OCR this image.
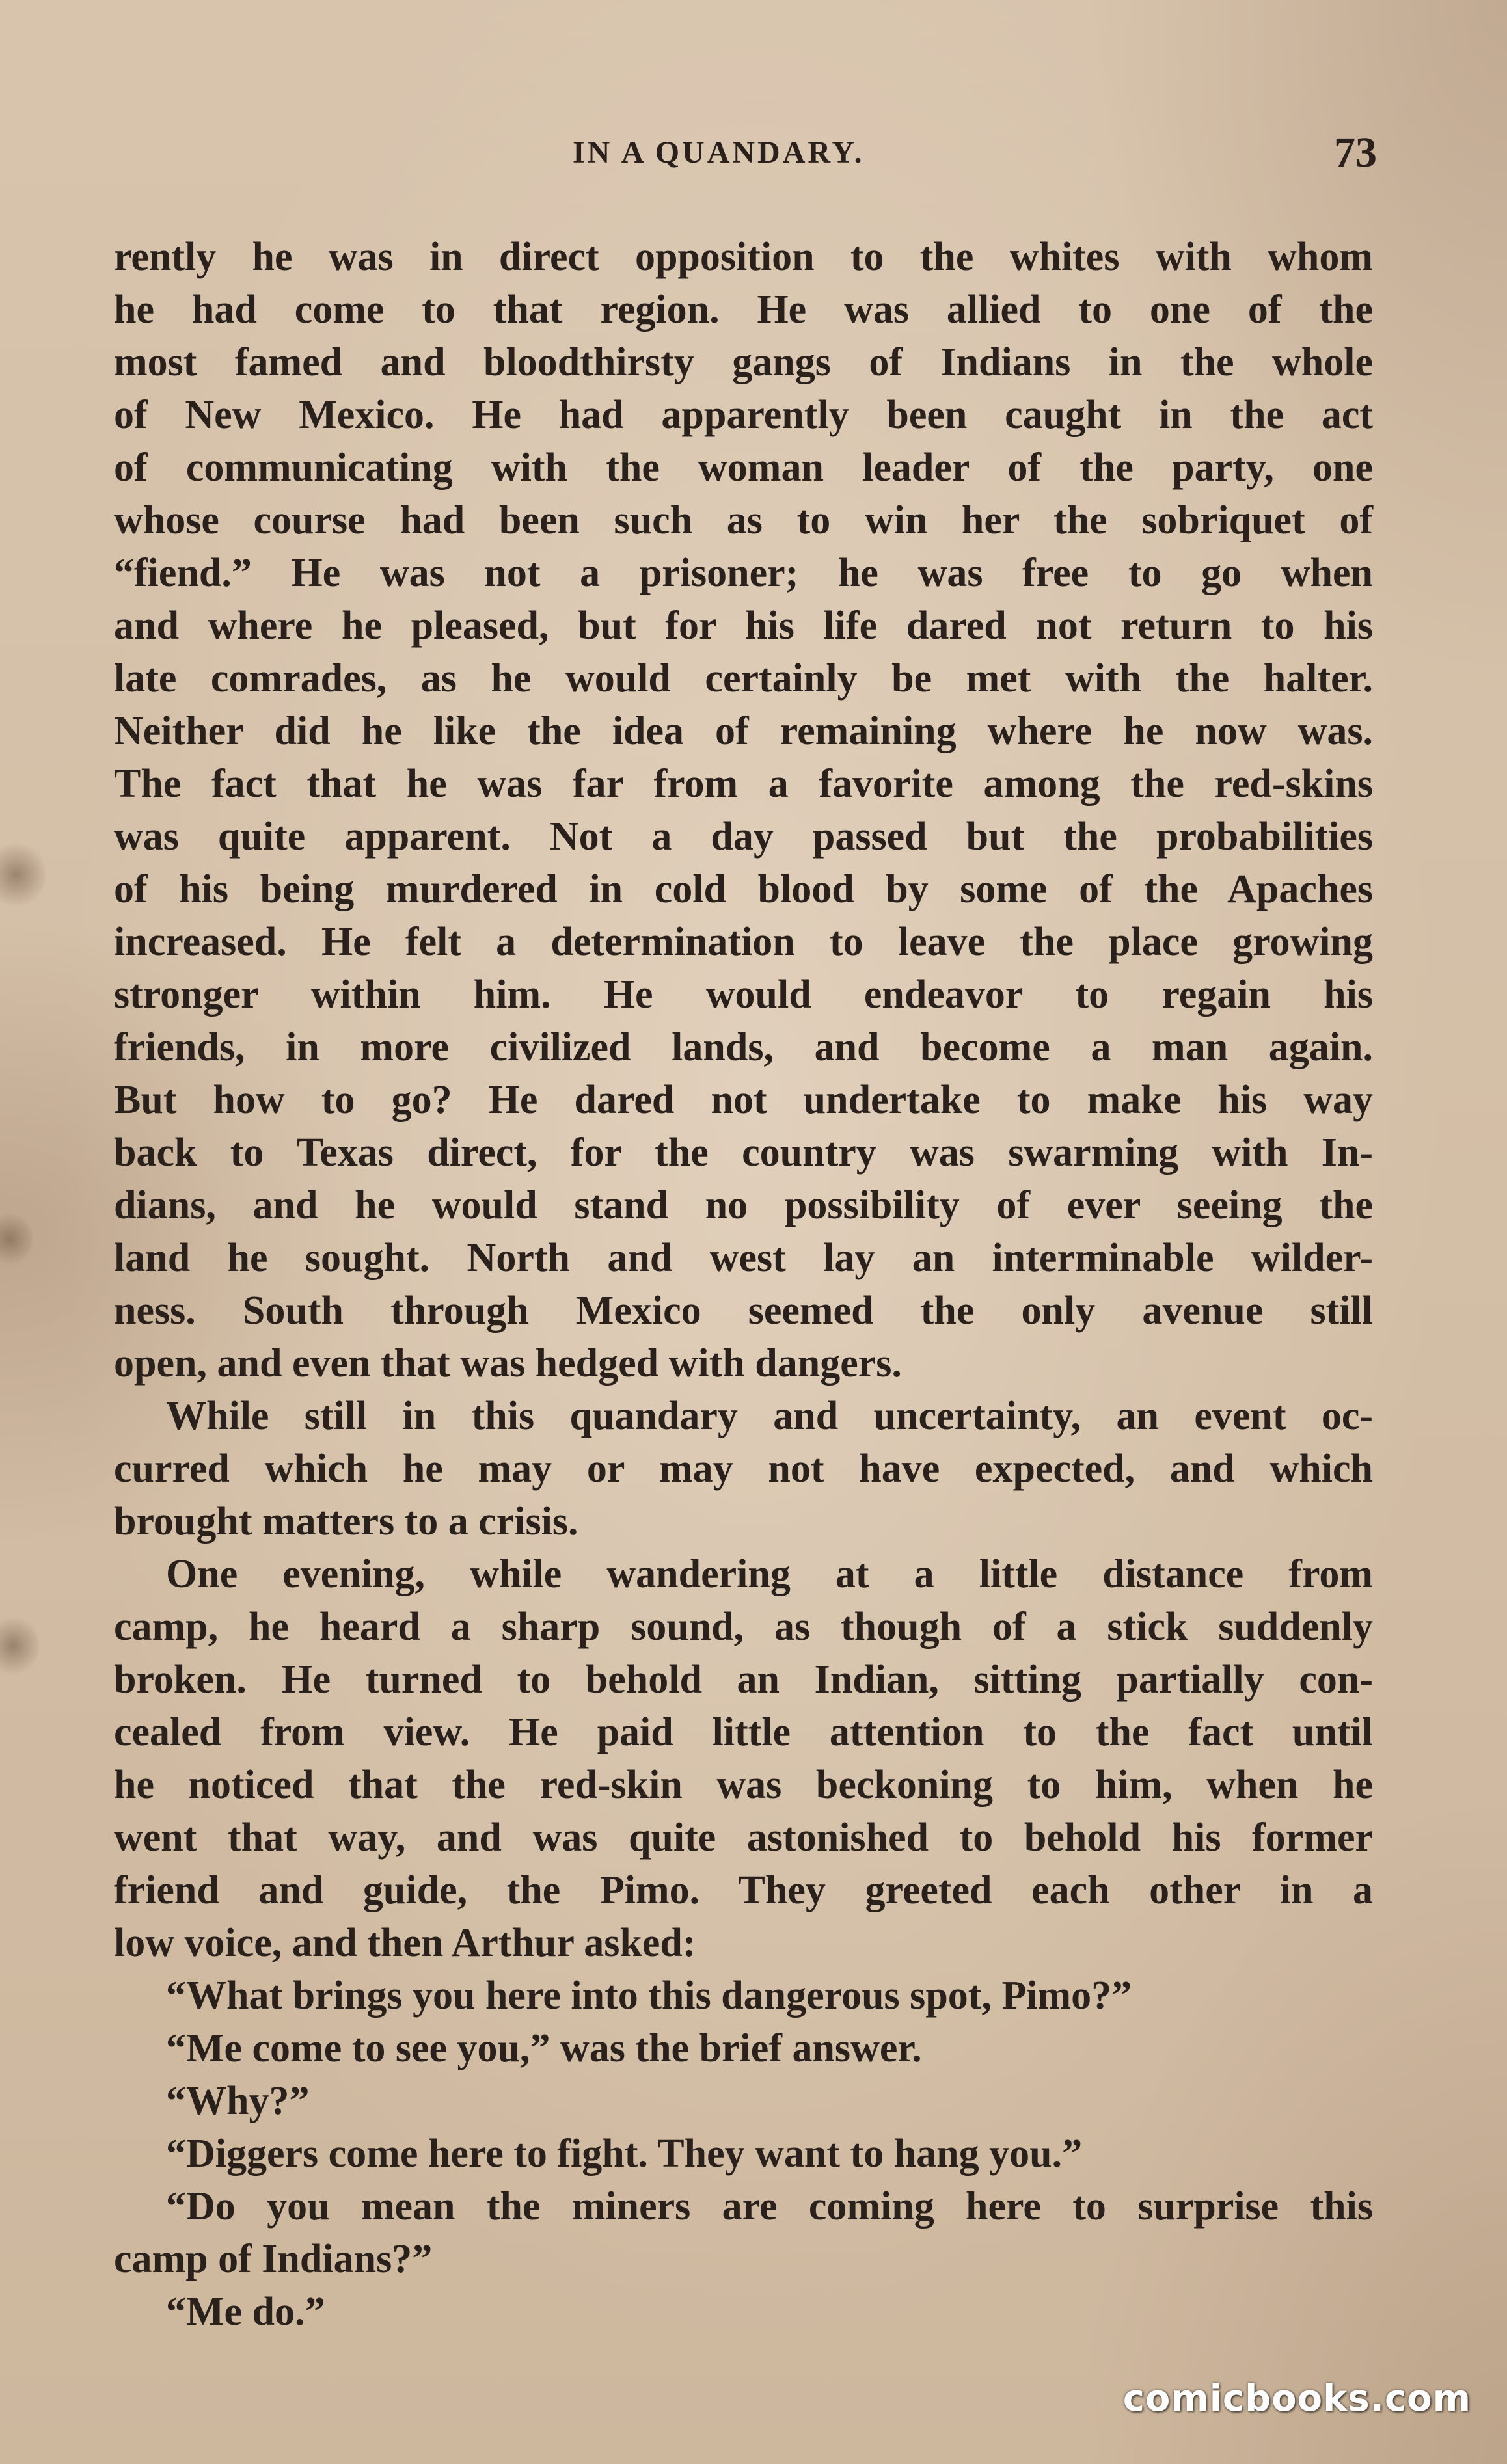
IN A QUANDARY.	73
rently he was in direct opposition to the whites with whom
he had come to that region. He was allied to one of the
most famed and bloodthirsty gangs of Indians in the whole
of New Mexico. He had apparently been caught in the act
of communicating with the woman leader of the party, one
whose course had been such as to win her the sobriquet of
“fiend.” He was not a prisoner; he was free to go when
and where he pleased, but for his life dared not return to his
late comrades, as he would certainly be met with the halter.
Neither did he like the idea of remaining where he now was.
The fact that he was far from a favorite among the red-skins
was quite apparent. Not a day passed but the probabilities
of his being murdered in cold blood by some of the Apaches
increased. He felt a determination to leave the place growing
stronger within him. He would endeavor to regain his
friends, in more civilized lands, and become a man again.
But how to go? He dared not undertake to make his way
back to Texas direct, for the country was swarming with In-
dians, and he would stand no possibility of ever seeing the
land he sought. North and west lay an interminable wilder-
ness. South through Mexico seemed the only avenue still
open, and even that was hedged with dangers.
While still in this quandary and uncertainty, an event oc-
curred which he may or may not have expected, and which
brought matters to a crisis.
One evening, while wandering at a little distance from
camp, he heard a sharp sound, as though of a stick suddenly
broken. He turned to behold an Indian, sitting partially con-
cealed from view. He paid little attention to the fact until
he noticed that the red-skin was beckoning to him, when he
went that way, and was quite astonished to behold his former
friend and guide, the Pimo. They greeted each other in a
low voice, and then Arthur asked:
“What brings you here into this dangerous spot, Pimo?”
“Me come to see you,” was the brief answer.
“Why?”
“Diggers come here to fight. They want to hang you.”
“Do you mean the miners are coming here to surprise this
camp of Indians?”
“Me do.”
comicbooks.com
